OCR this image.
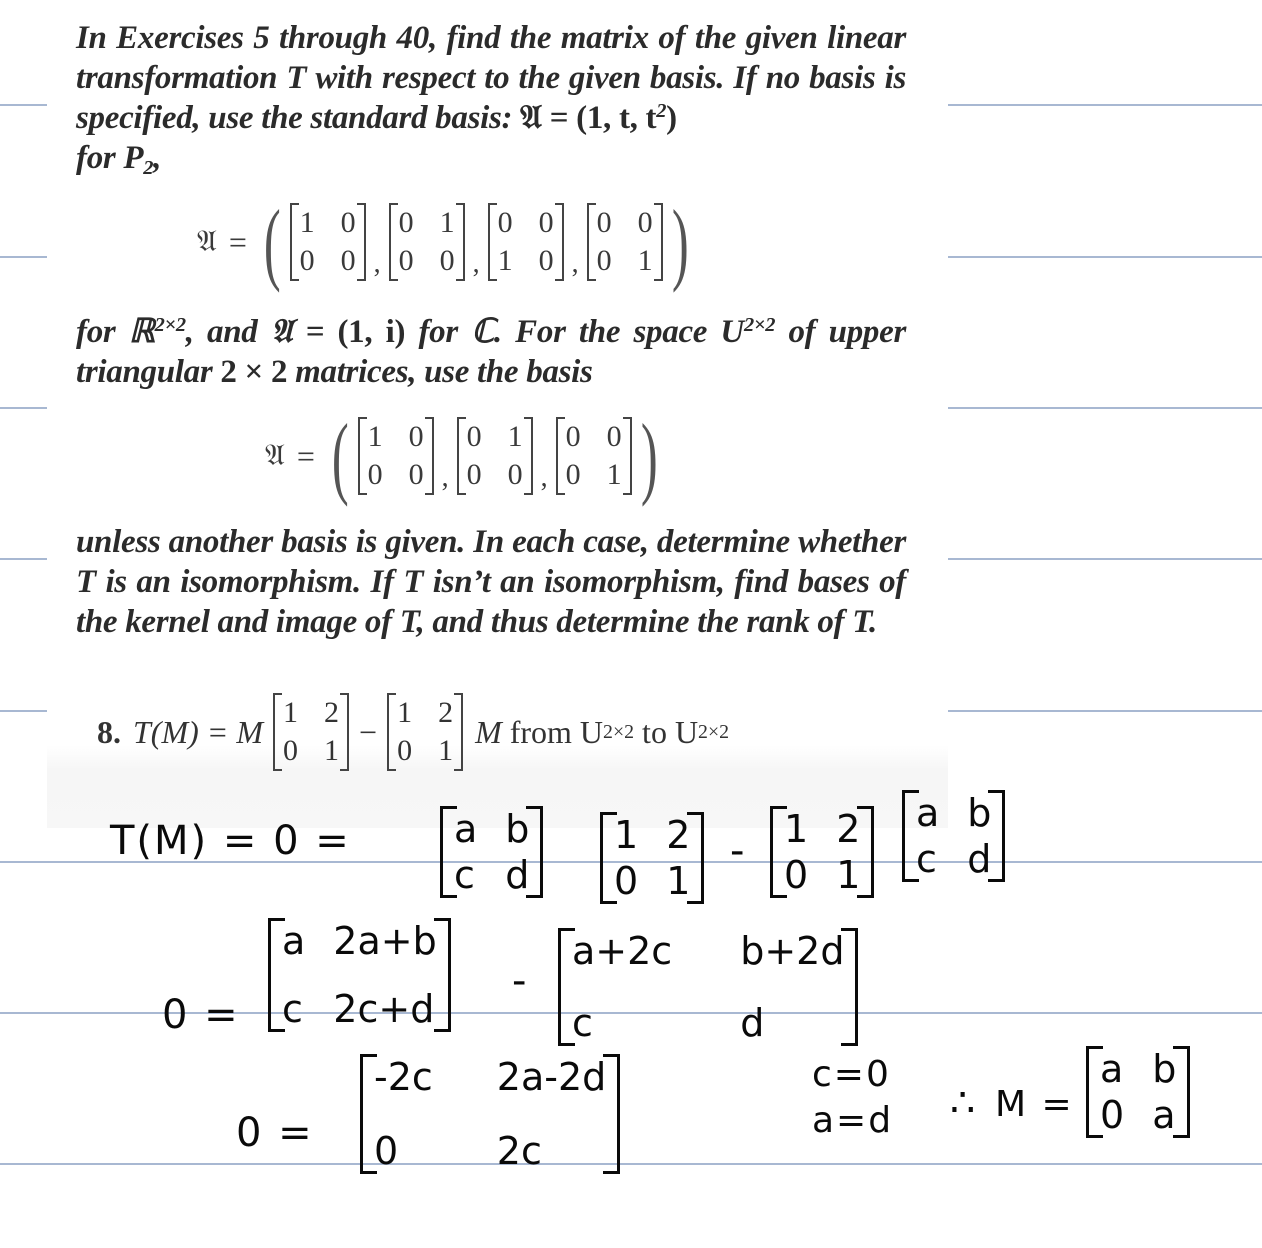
In Exercises 5 through 40, find the matrix of the given linear transformation T with respect to the given basis. If no basis is specified, use the standard basis: 𝔄 = (1, t, $t^2$)
for $P_2$,
𝔄 = ( 1 0
0 0 ,
0 1
0 0 ,
0 0
1 0 ,
0 0
0 1 )
for ℝ$^{2\times 2}$, and 𝔄 = (1, i) for ℂ. For the space $U^{2\times 2}$ of upper triangular 2 × 2 matrices, use the basis
𝔄 = ( 1 0
0 0 ,
0 1
0 0 ,
0 0
0 1 )
unless another basis is given. In each case, determine whether T is an isomorphism. If T isn’t an isomorphism, find bases of the kernel and image of T, and thus determine the rank of T.
8. T(M) = M
1 2
0 1
−
1 2
0 1
M from U 2×2 to U 2×2
T(M) = 0 =	a b
c d
1 2
0 1
- 1 2
0 1
a b
c d
0 =
a 2a+b
c 2c+d
-
a+2c	b+2d
c	d
0 =
-2c	2a-2d
0	2c
c=0
a=d ∴ M =
a b
0 a
